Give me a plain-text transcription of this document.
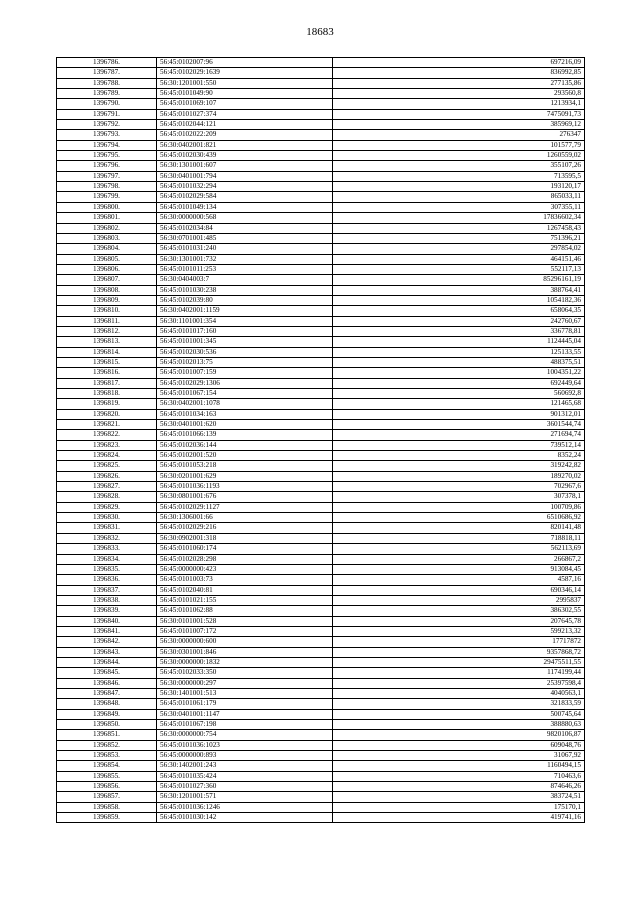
18683
1396786.	56:45:0102007:96	697216,09
1396787.	56:45:0102029:1639	836992,85
1396788.	56:30:1201001:550	277135,86
1396789.	56:45:0101049:90	293560,8
1396790.	56:45:0101069:107	1213934,1
1396791.	56:45:0101027:374	7475091,73
1396792.	56:45:0102044:121	385969,12
1396793.	56:45:0102022:209	276347
1396794.	56:30:0402001:821	101577,79
1396795.	56:45:0102030:439	1260559,02
1396796.	56:30:1301001:607	355107,26
1396797.	56:30:0401001:794	713595,5
1396798.	56:45:0101032:294	193120,17
1396799.	56:45:0102029:584	865033,11
1396800.	56:45:0101049:134	307355,11
1396801.	56:30:0000000:568	17836602,34
1396802.	56:45:0102034:84	1267458,43
1396803.	56:30:0701001:485	751396,21
1396804.	56:45:0101031:240	297854,02
1396805.	56:30:1301001:732	464151,46
1396806.	56:45:0101011:253	552117,13
1396807.	56:30:0404003:7	85296161,19
1396808.	56:45:0101030:238	388764,41
1396809.	56:45:0102039:80	1054182,36
1396810.	56:30:0402001:1159	658064,35
1396811.	56:30:1101001:354	242760,67
1396812.	56:45:0101017:160	336778,81
1396813.	56:45:0101001:345	1124445,04
1396814.	56:45:0102030:536	125133,55
1396815.	56:45:0102013:75	488375,51
1396816.	56:45:0101007:159	1004351,22
1396817.	56:45:0102029:1306	692449,64
1396818.	56:45:0101067:154	560692,8
1396819.	56:30:0402001:1078	121465,68
1396820.	56:45:0101034:163	901312,01
1396821.	56:30:0401001:620	3601544,74
1396822.	56:45:0101066:139	271694,74
1396823.	56:45:0102036:144	739512,14
1396824.	56:45:0102001:520	8352,24
1396825.	56:45:0101053:218	319242,82
1396826.	56:30:0201001:629	189270,02
1396827.	56:45:0101036:1193	702967,6
1396828.	56:30:0801001:676	307378,1
1396829.	56:45:0102029:1127	100709,86
1396830.	56:30:1306001:66	6510686,92
1396831.	56:45:0102029:216	820141,48
1396832.	56:30:0902001:318	718818,11
1396833.	56:45:0101060:174	562113,69
1396834.	56:45:0102028:298	266867,2
1396835.	56:45:0000000:423	913084,45
1396836.	56:45:0101003:73	4587,16
1396837.	56:45:0102040:81	690346,14
1396838.	56:45:0101021:155	2995837
1396839.	56:45:0101062:88	386302,55
1396840.	56:30:0101001:528	207645,78
1396841.	56:45:0101007:172	599213,32
1396842.	56:30:0000000:600	17717872
1396843.	56:30:0301001:846	9357868,72
1396844.	56:30:0000000:1832	29475511,55
1396845.	56:45:0102033:350	1174199,44
1396846.	56:30:0000000:297	25397598,4
1396847.	56:30:1401001:513	4040563,1
1396848.	56:45:0101061:179	321833,59
1396849.	56:30:0401001:1147	500745,64
1396850.	56:45:0101067:198	388880,63
1396851.	56:30:0000000:754	9820106,87
1396852.	56:45:0101036:1023	609048,76
1396853.	56:45:0000000:893	31067,92
1396854.	56:30:1402001:243	1160494,15
1396855.	56:45:0101035:424	710463,6
1396856.	56:45:0101027:360	874646,26
1396857.	56:30:1201001:571	383724,51
1396858.	56:45:0101036:1246	175170,1
1396859.	56:45:0101030:142	419741,16
